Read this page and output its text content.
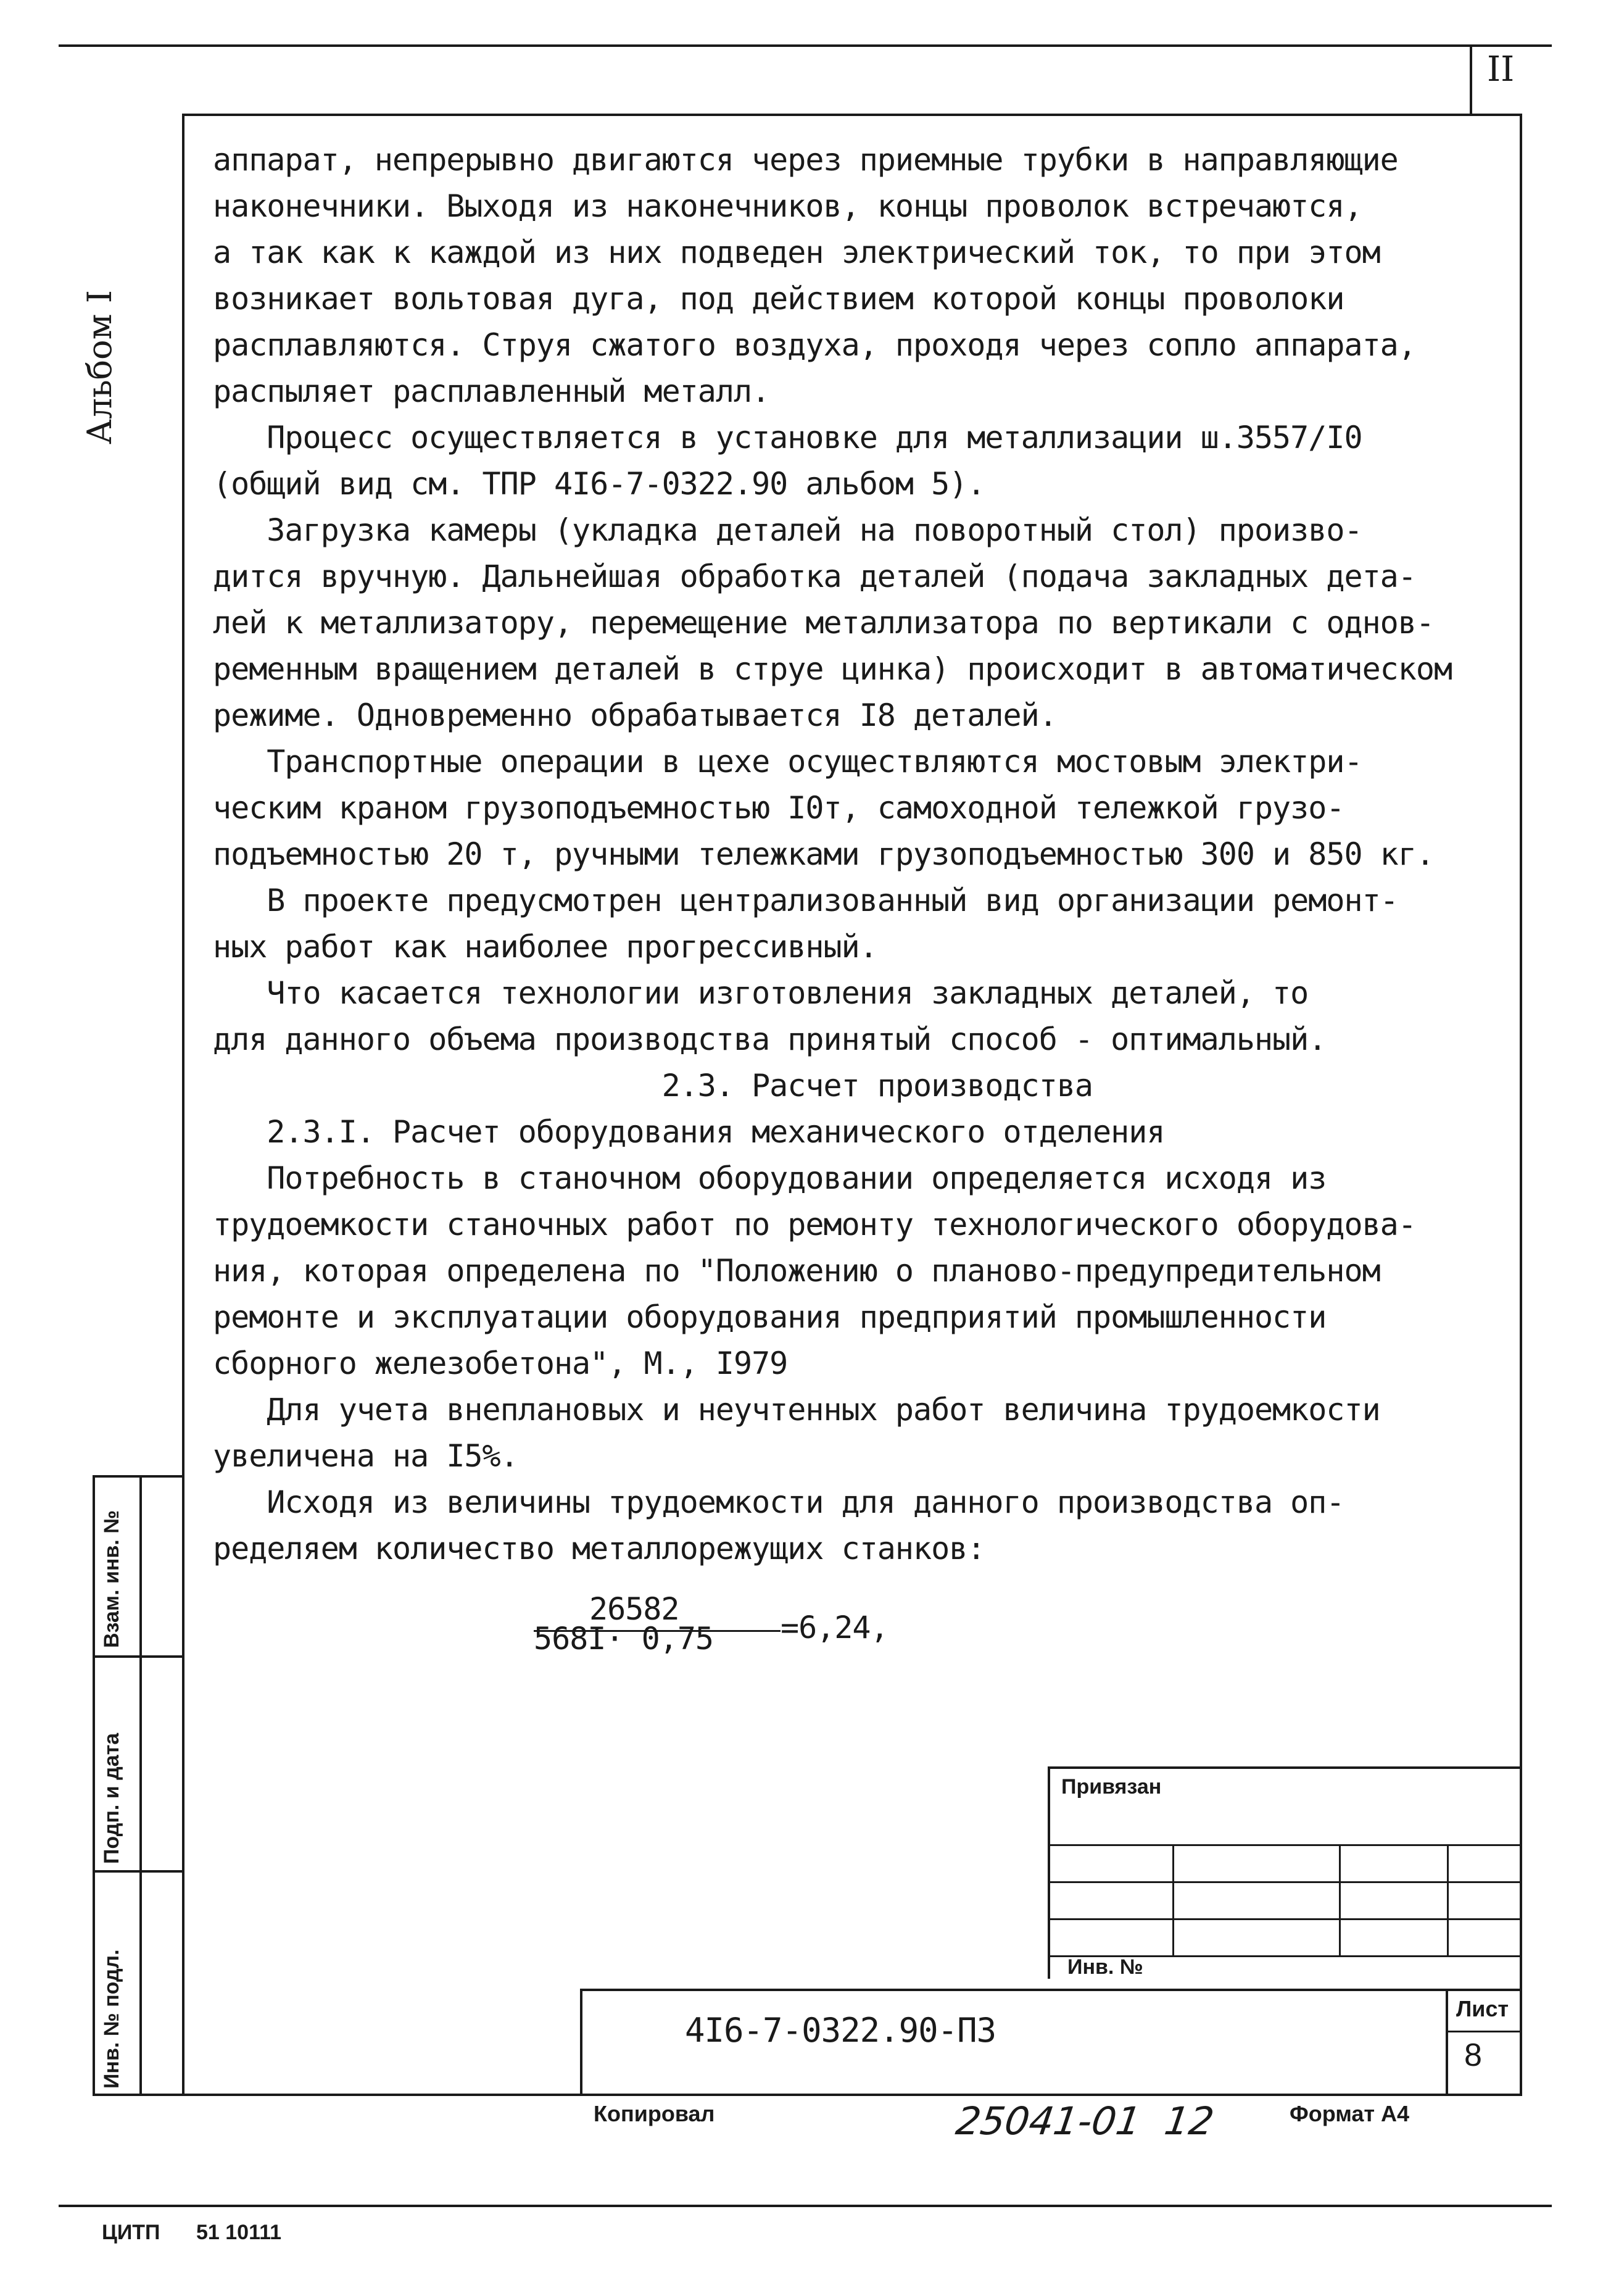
II
Альбом I
аппарат, непрерывно двигаются через приемные трубки в направляющие
наконечники. Выходя из наконечников, концы проволок встречаются,
а так как к каждой из них подведен электрический ток, то при этом
возникает вольтовая дуга, под действием которой концы проволоки
расплавляются. Струя сжатого воздуха, проходя через сопло аппарата,
распыляет расплавленный металл.
Процесс осуществляется в установке для металлизации ш.3557/I0
(общий вид см. ТПР 4I6-7-0322.90 альбом 5).
Загрузка камеры (укладка деталей на поворотный стол) произво-
дится вручную. Дальнейшая обработка деталей (подача закладных дета-
лей к металлизатору, перемещение металлизатора по вертикали с однов-
ременным вращением деталей в струе цинка) происходит в автоматическом
режиме. Одновременно обрабатывается I8 деталей.
Транспортные операции в цехе осуществляются мостовым электри-
ческим краном грузоподъемностью I0т, самоходной тележкой грузо-
подъемностью 20 т, ручными тележками грузоподъемностью 300 и 850 кг.
В проекте предусмотрен централизованный вид организации ремонт-
ных работ как наиболее прогрессивный.
Что касается технологии изготовления закладных деталей, то
для данного объема производства принятый способ - оптимальный.
2.3. Расчет производства
2.3.I. Расчет оборудования механического отделения
Потребность в станочном оборудовании определяется исходя из
трудоемкости станочных работ по ремонту технологического оборудова-
ния, которая определена по "Положению о планово-предупредительном
ремонте и эксплуатации оборудования предприятий промышленности
сборного железобетона", М., I979
Для учета внеплановых и неучтенных работ величина трудоемкости
увеличена на I5%.
Исходя из величины трудоемкости для данного производства оп-
ределяем количество металлорежущих станков:
26582
568I· 0,75 =6,24,
Взам. инв. №
Подп. и дата
Инв. № подл.
Привязан
Инв. №
4I6-7-0322.90-ПЗ
Лист
8
Копировал	25041-01  12	Формат А4
ЦИТП 51 10111
